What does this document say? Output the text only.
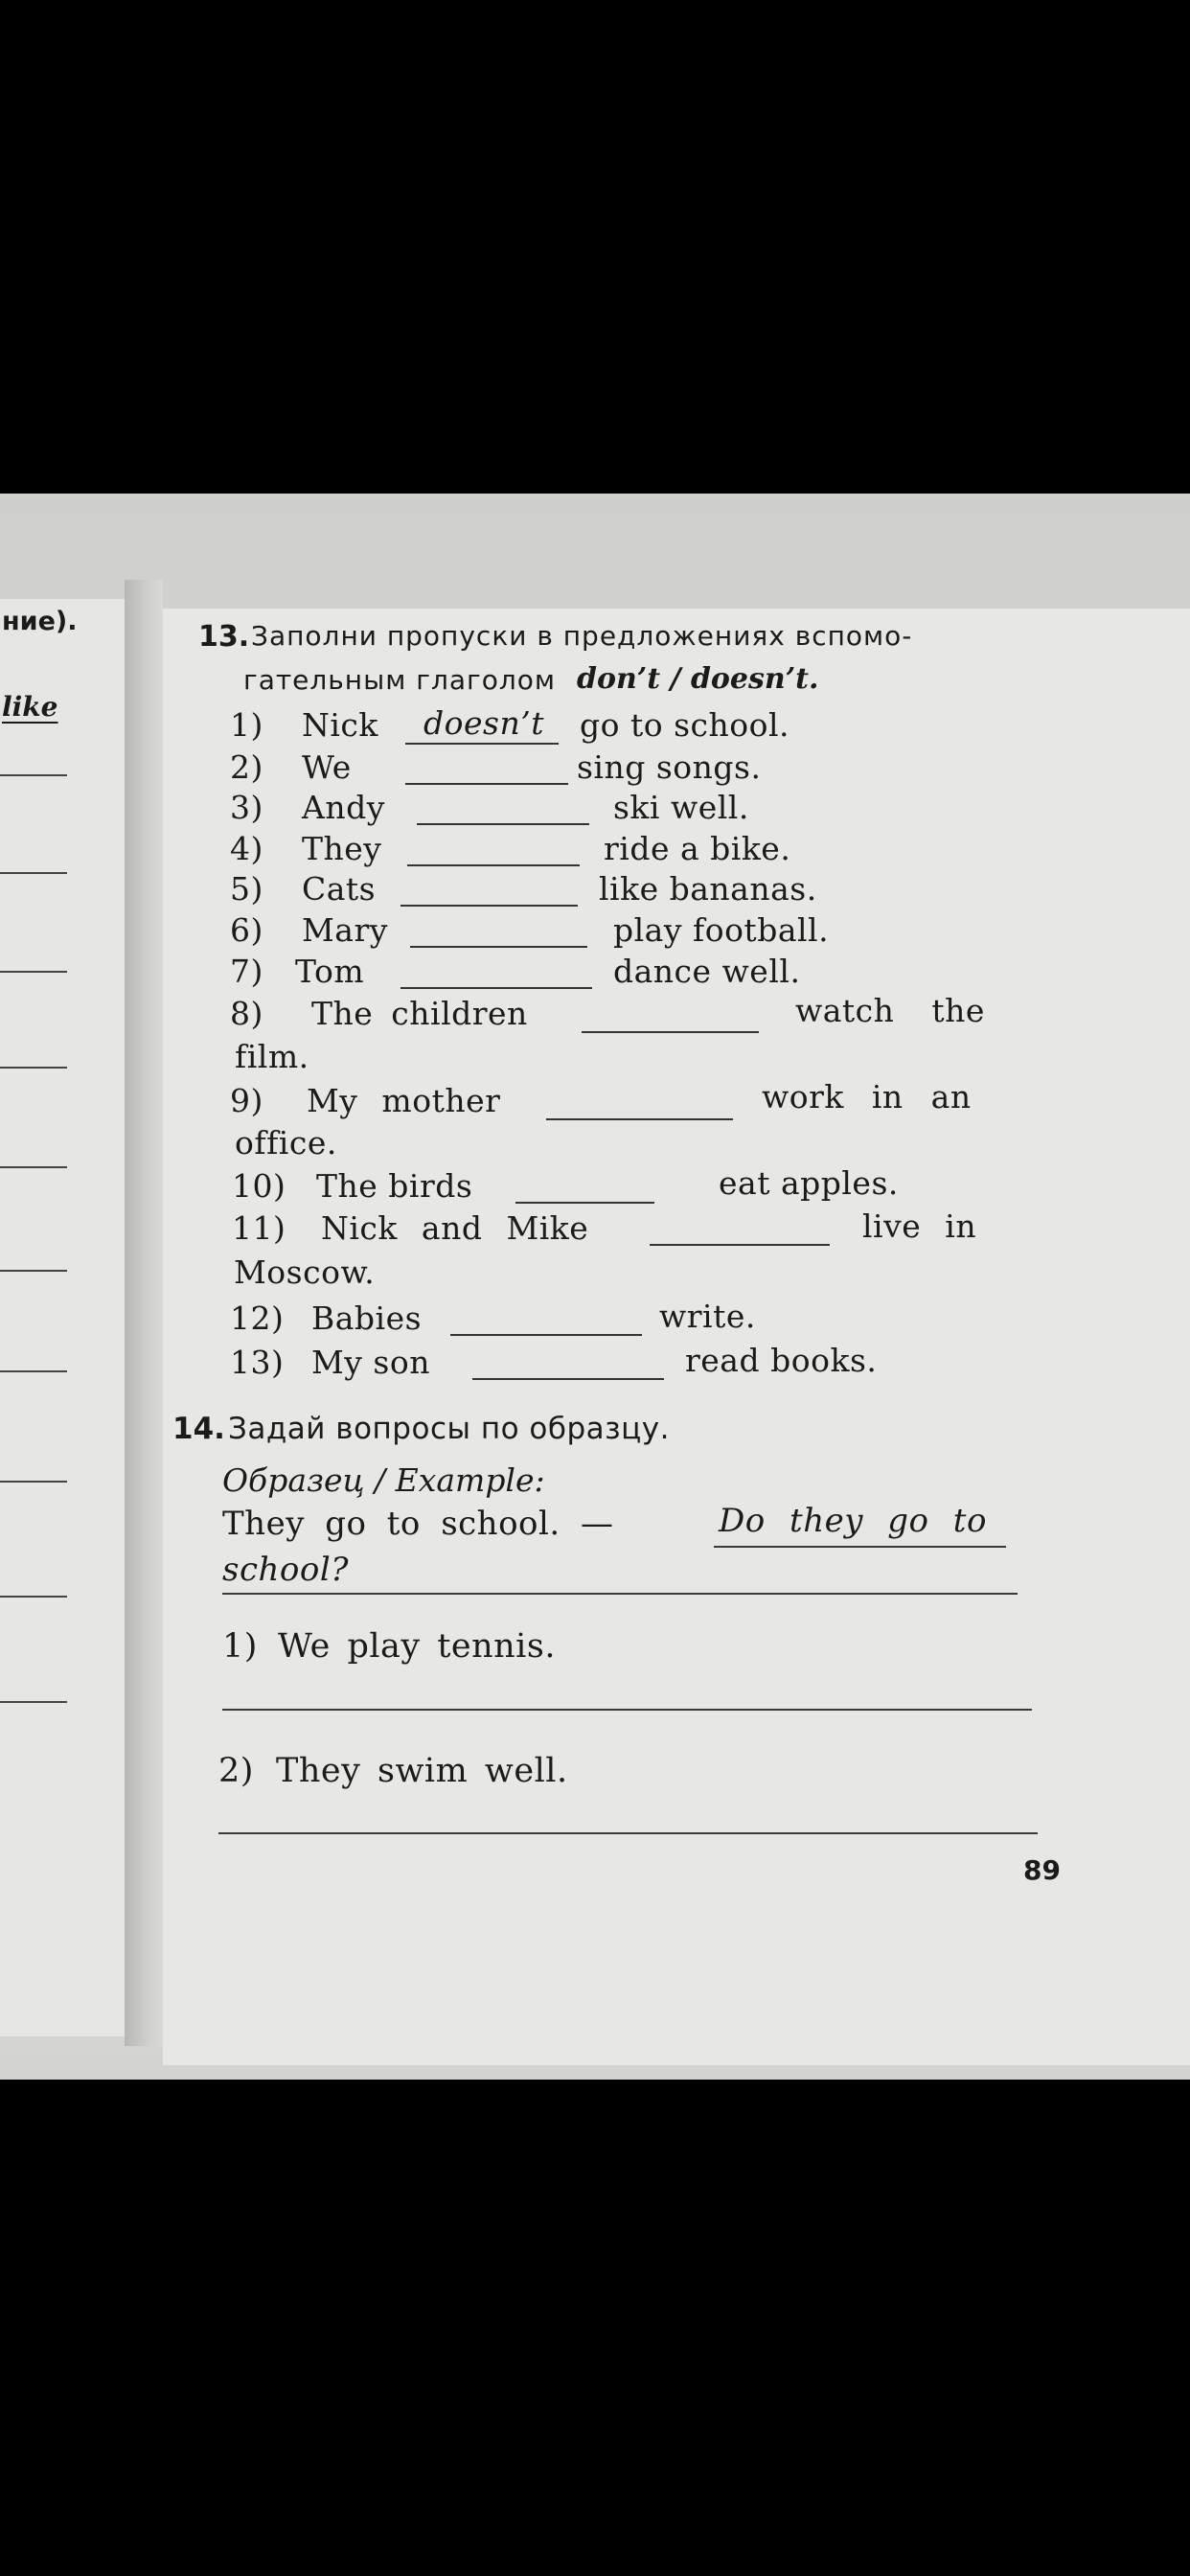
ние).
like
13. Заполни пропуски в предложениях вспомо-
гательным глаголом don’t / doesn’t.
1) Nick doesn’t go to school.
2) We	sing songs.
3) Andy	ski well.
4) They	ride a bike.
5) Cats	like bananas.
6) Mary	play football.
7) Tom	dance well.
8) The children	watch the
film.
9) My mother	work in an
office.
10) The birds	eat apples.
11) Nick and Mike	live in
Moscow.
12) Babies	write.
13) My son	read books.
14. Задай вопросы по образцу.
Образец / Example:
They go to school. —	Do they go to
school?
1) We play tennis.
2) They swim well.
89
